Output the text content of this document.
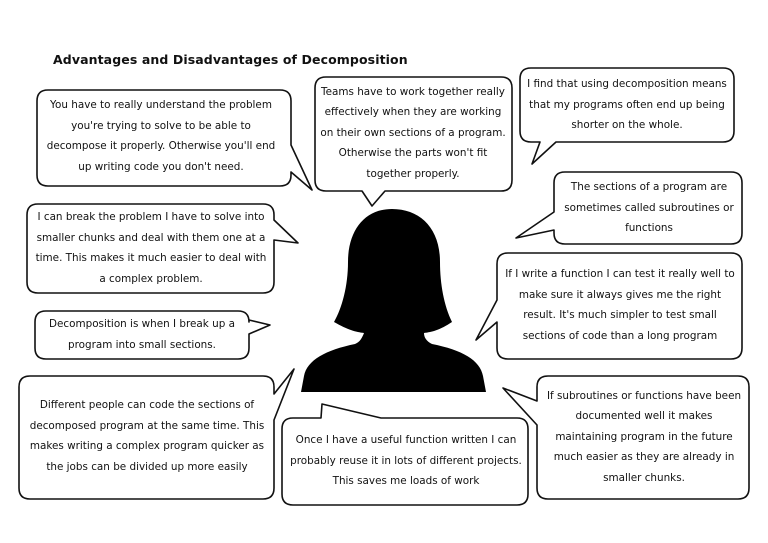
Advantages and Disadvantages of Decomposition
You have to really understand the problem you're trying to solve to be able to decompose it properly. Otherwise you'll end up writing code you don't need.
Teams have to work together really effectively when they are working on their own sections of a program. Otherwise the parts won't fit together properly.
I find that using decomposition means that my programs often end up being shorter on the whole.
The sections of a program are sometimes called subroutines or functions
I can break the problem I have to solve into smaller chunks and deal with them one at a time. This makes it much easier to deal with a complex problem.	If I write a function I can test it really well to make sure it always gives me the right result. It's much simpler to test small sections of code than a long program
Decomposition is when I break up a program into small sections.
Different people can code the sections of decomposed program at the same time. This makes writing a complex program quicker as the jobs can be divided up more easily
Once I have a useful function written I can probably reuse it in lots of different projects. This saves me loads of work
If subroutines or functions have been documented well it makes maintaining program in the future much easier as they are already in smaller chunks.
